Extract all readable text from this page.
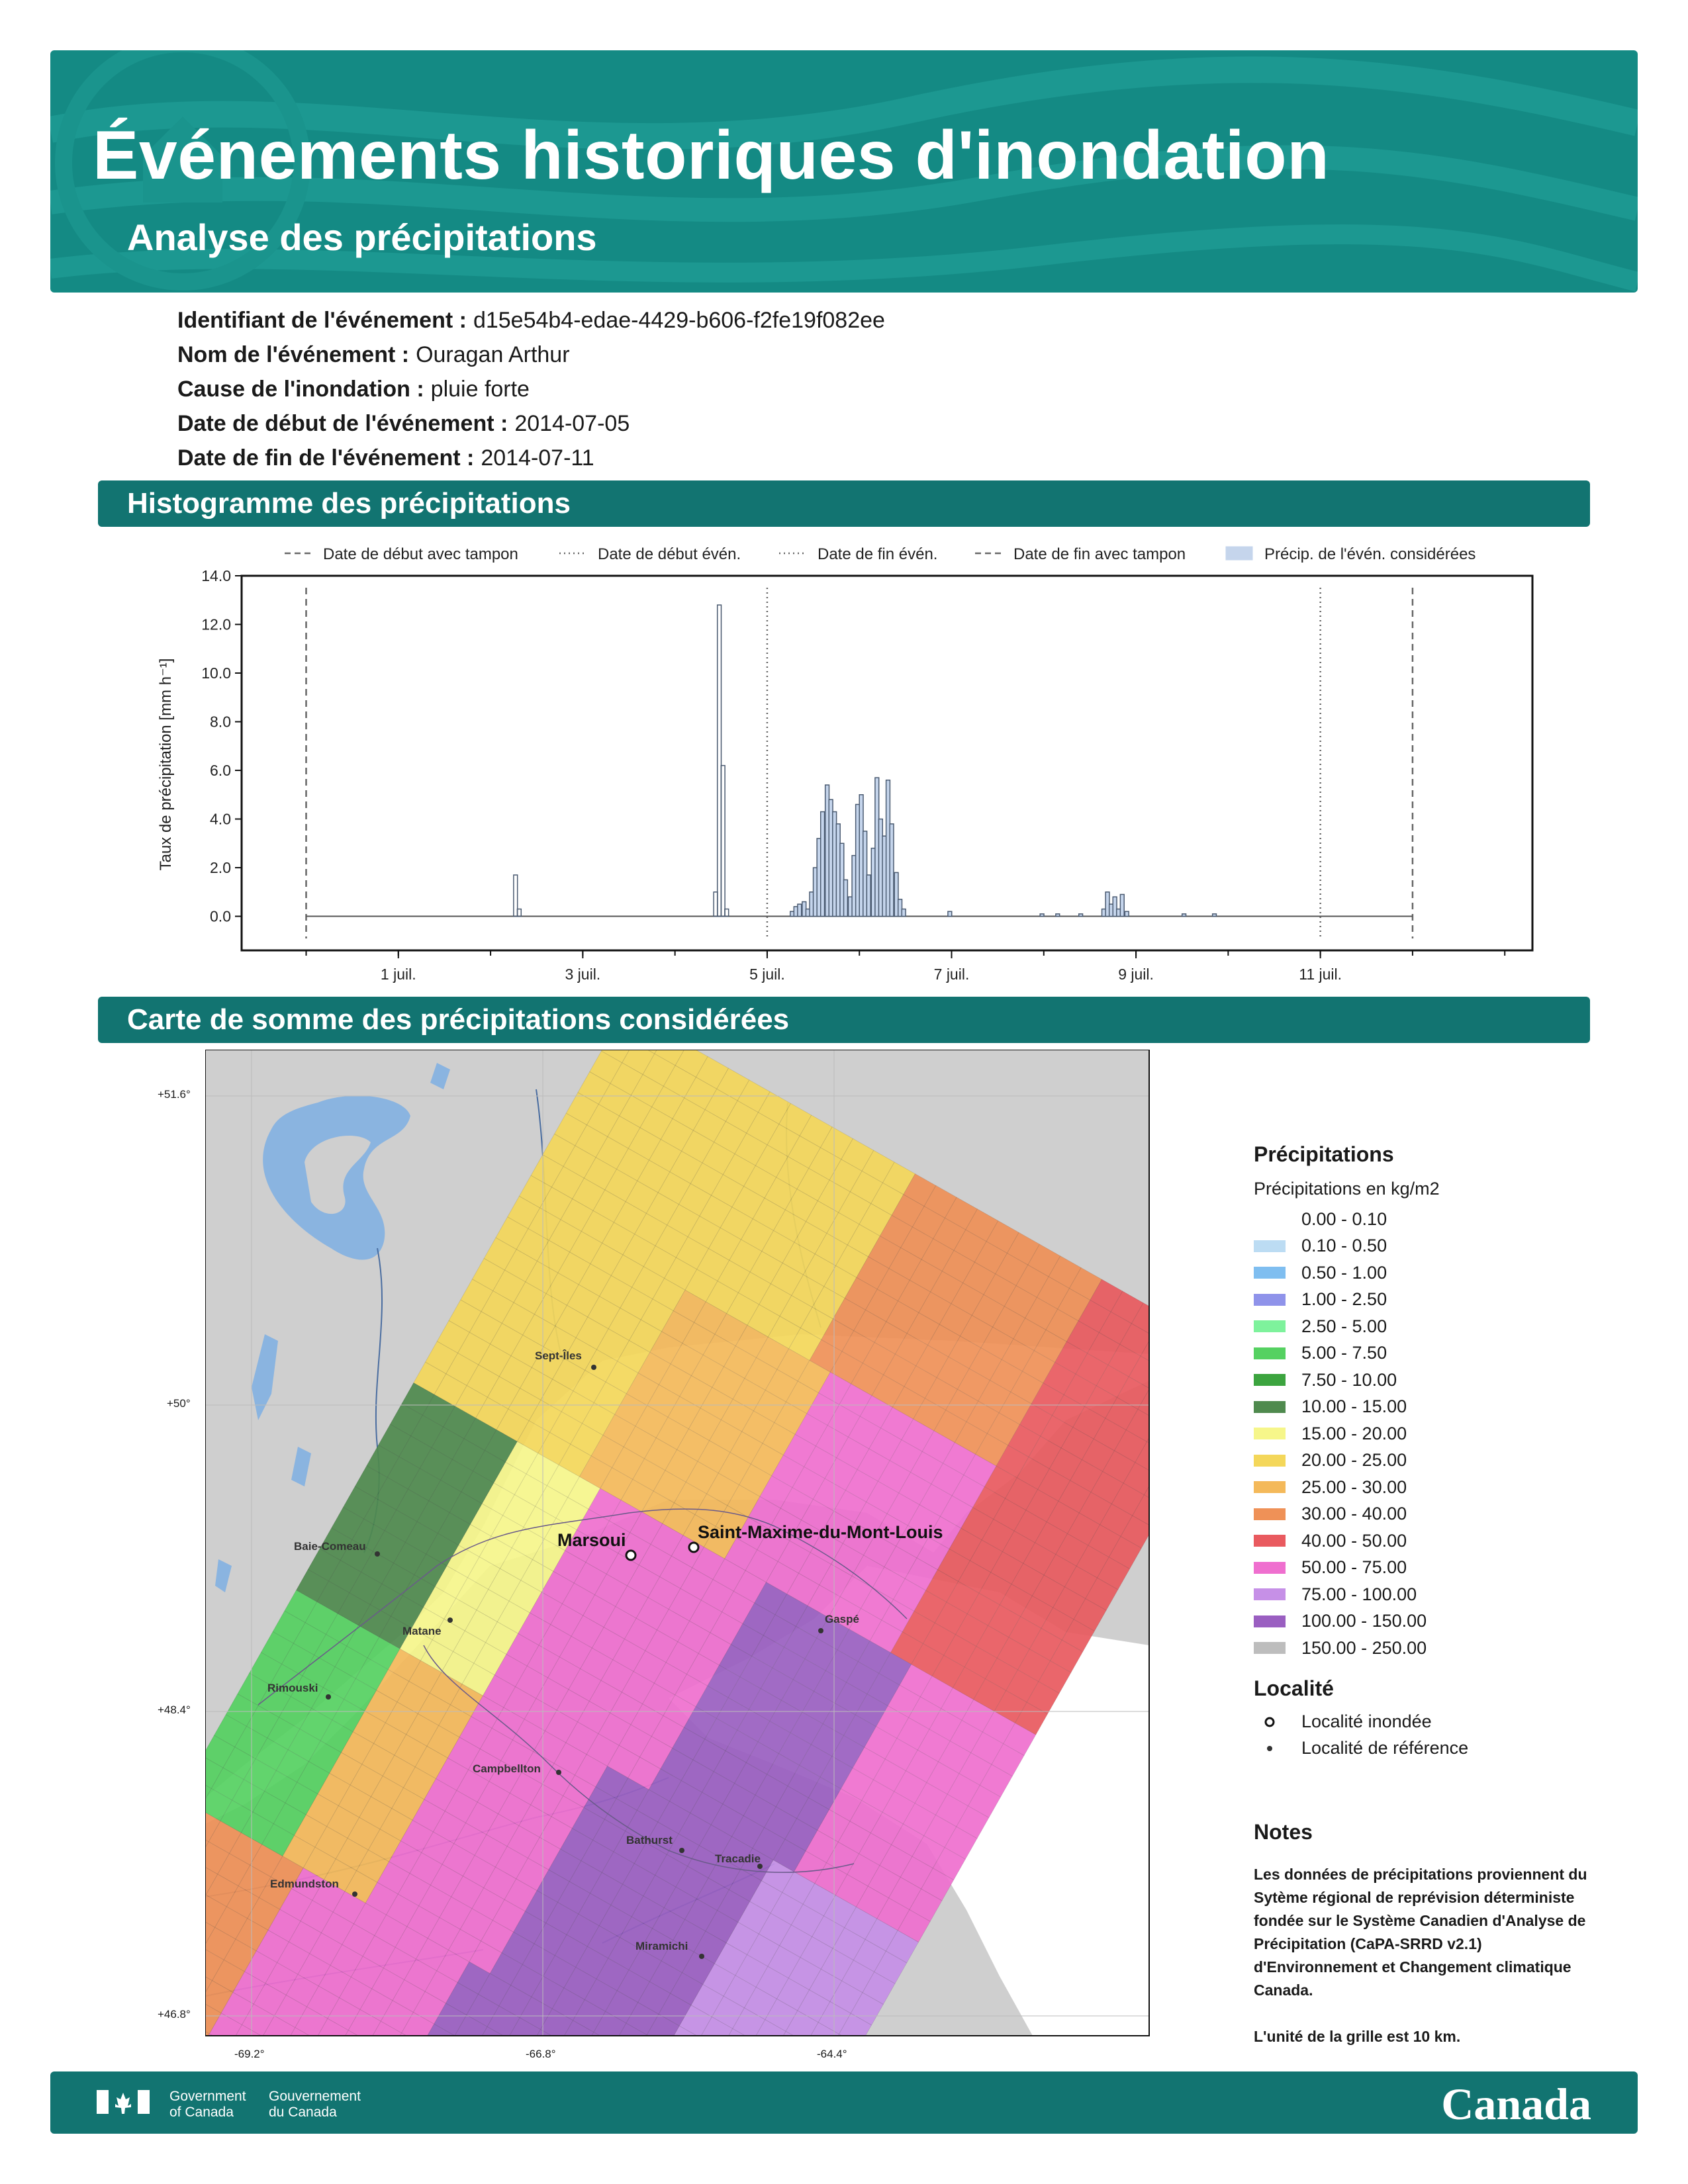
Événements historiques d'inondation
Analyse des précipitations
Identifiant de l'événement : d15e54b4-edae-4429-b606-f2fe19f082ee
Nom de l'événement : Ouragan Arthur
Cause de l'inondation : pluie forte
Date de début de l'événement : 2014-07-05
Date de fin de l'événement : 2014-07-11
Histogramme des précipitations
Date de début avec tampon	Date de début évén.	Date de fin évén.	Date de fin avec tampon	Précip. de l'évén. considérées
0.0
2.0
4.0
6.0
8.0
10.0
12.0
14.0
1 juil.	3 juil.	5 juil.	7 juil.	9 juil.	11 juil.
Taux de précipitation [mm h⁻¹]
Carte de somme des précipitations considérées
Sept-Îles
Baie-Comeau
Matane
Rimouski
Campbellton
Edmundston
Bathurst
Tracadie
Miramichi
Gaspé
Marsoui	Saint-Maxime-du-Mont-Louis
+51.6°
+50°
+48.4°
+46.8°
-69.2°	-66.8°	-64.4°
Précipitations
Précipitations en kg/m2
0.00 - 0.10
0.10 - 0.50
0.50 - 1.00
1.00 - 2.50
2.50 - 5.00
5.00 - 7.50
7.50 - 10.00
10.00 - 15.00
15.00 - 20.00
20.00 - 25.00
25.00 - 30.00
30.00 - 40.00
40.00 - 50.00
50.00 - 75.00
75.00 - 100.00
100.00 - 150.00
150.00 - 250.00
Localité
Localité inondée
Localité de référence
Notes
Les données de précipitations proviennent du Sytème régional de reprévision déterministe fondée sur le Système Canadien d'Analyse de Précipitation (CaPA-SRRD v2.1) d'Environnement et Changement climatique Canada.
L'unité de la grille est 10 km.
Government
of Canada
Gouvernement
du Canada	Canada
